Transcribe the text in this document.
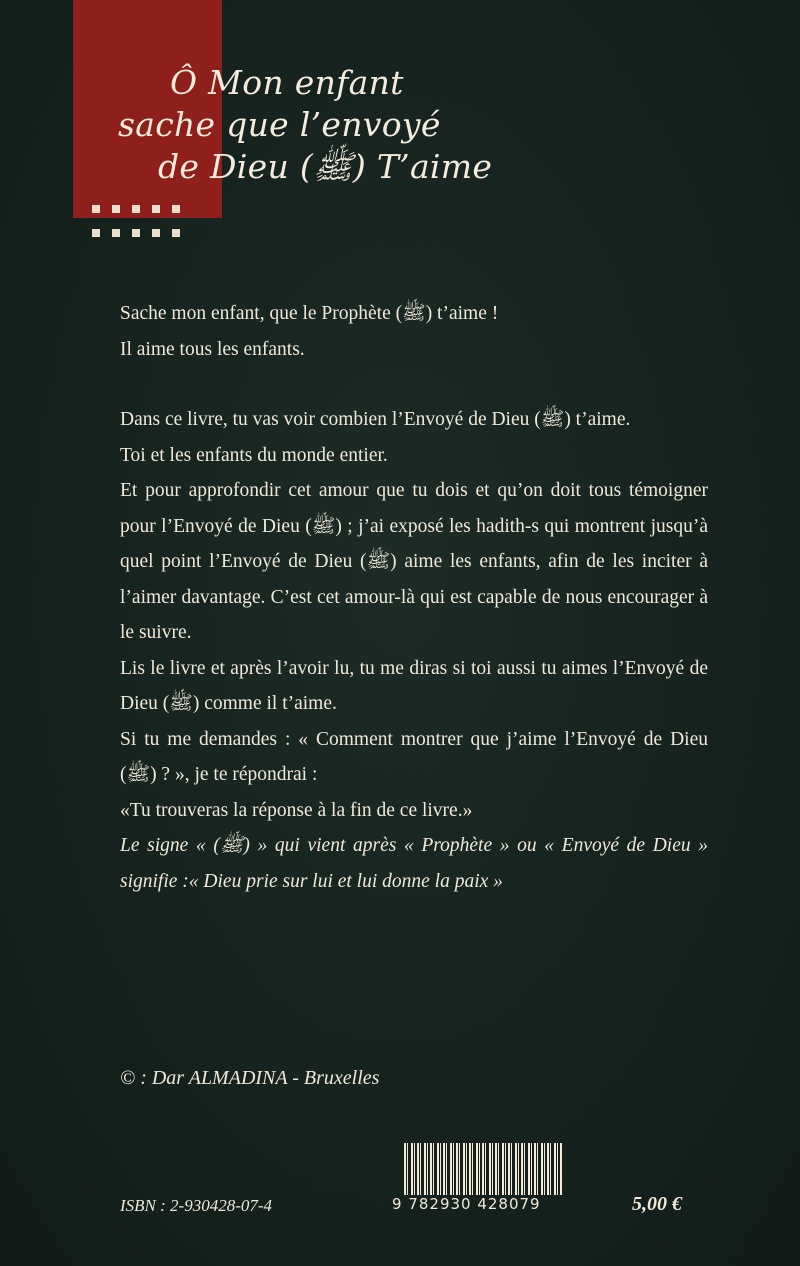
Ô Mon enfant
sache que l’envoyé
de Dieu (ﷺ) T’aime

Sache mon enfant, que le Prophète (ﷺ) t’aime !

Il aime tous les enfants.

Dans ce livre, tu vas voir combien l’Envoyé de Dieu (ﷺ) t’aime.

Toi et les enfants du monde entier.

Et pour approfondir cet amour que tu dois et qu’on doit tous témoigner pour l’Envoyé de Dieu (ﷺ) ; j’ai exposé les hadith-s qui montrent jusqu’à quel point l’Envoyé de Dieu (ﷺ) aime les enfants, afin de les inciter à l’aimer davantage. C’est cet amour-là qui est capable de nous encourager à le suivre.

Lis le livre et après l’avoir lu, tu me diras si toi aussi tu aimes l’Envoyé de Dieu (ﷺ) comme il t’aime.

Si tu me demandes : « Comment montrer que j’aime l’Envoyé de Dieu (ﷺ) ? », je te répondrai :

«Tu trouveras la réponse à la fin de ce livre.»

Le signe « (ﷺ) » qui vient après « Prophète » ou « Envoyé de Dieu » signifie :« Dieu prie sur lui et lui donne la paix »

© : Dar ALMADINA - Bruxelles
ISBN : 2-930428-07-4	9 782930 428079	5,00 €
